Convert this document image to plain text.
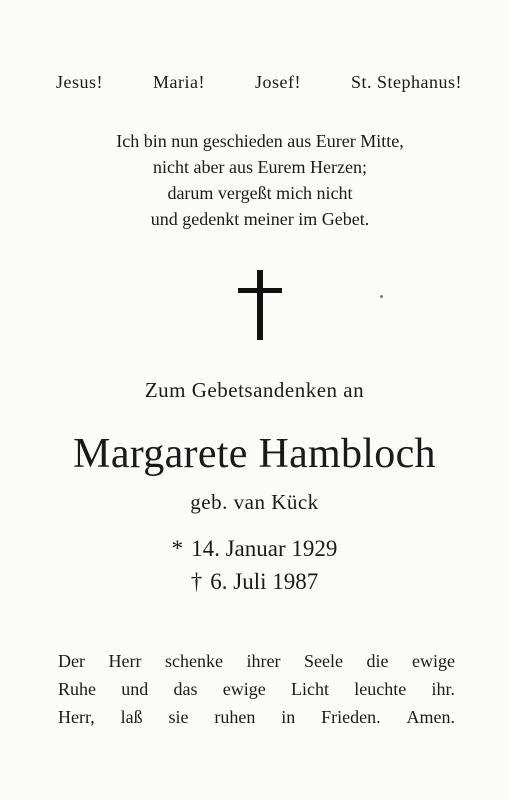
Jesus!	Maria!	Josef!	St. Stephanus!
Ich bin nun geschieden aus Eurer Mitte,
nicht aber aus Eurem Herzen;
darum vergeßt mich nicht
und gedenkt meiner im Gebet.
Zum Gebetsandenken an
Margarete Hambloch
geb. van Kück
* 14. Januar 1929
† 6. Juli 1987
Der Herr schenke ihrer Seele die ewige
Ruhe und das ewige Licht leuchte ihr.
Herr, laß sie ruhen in Frieden. Amen.
